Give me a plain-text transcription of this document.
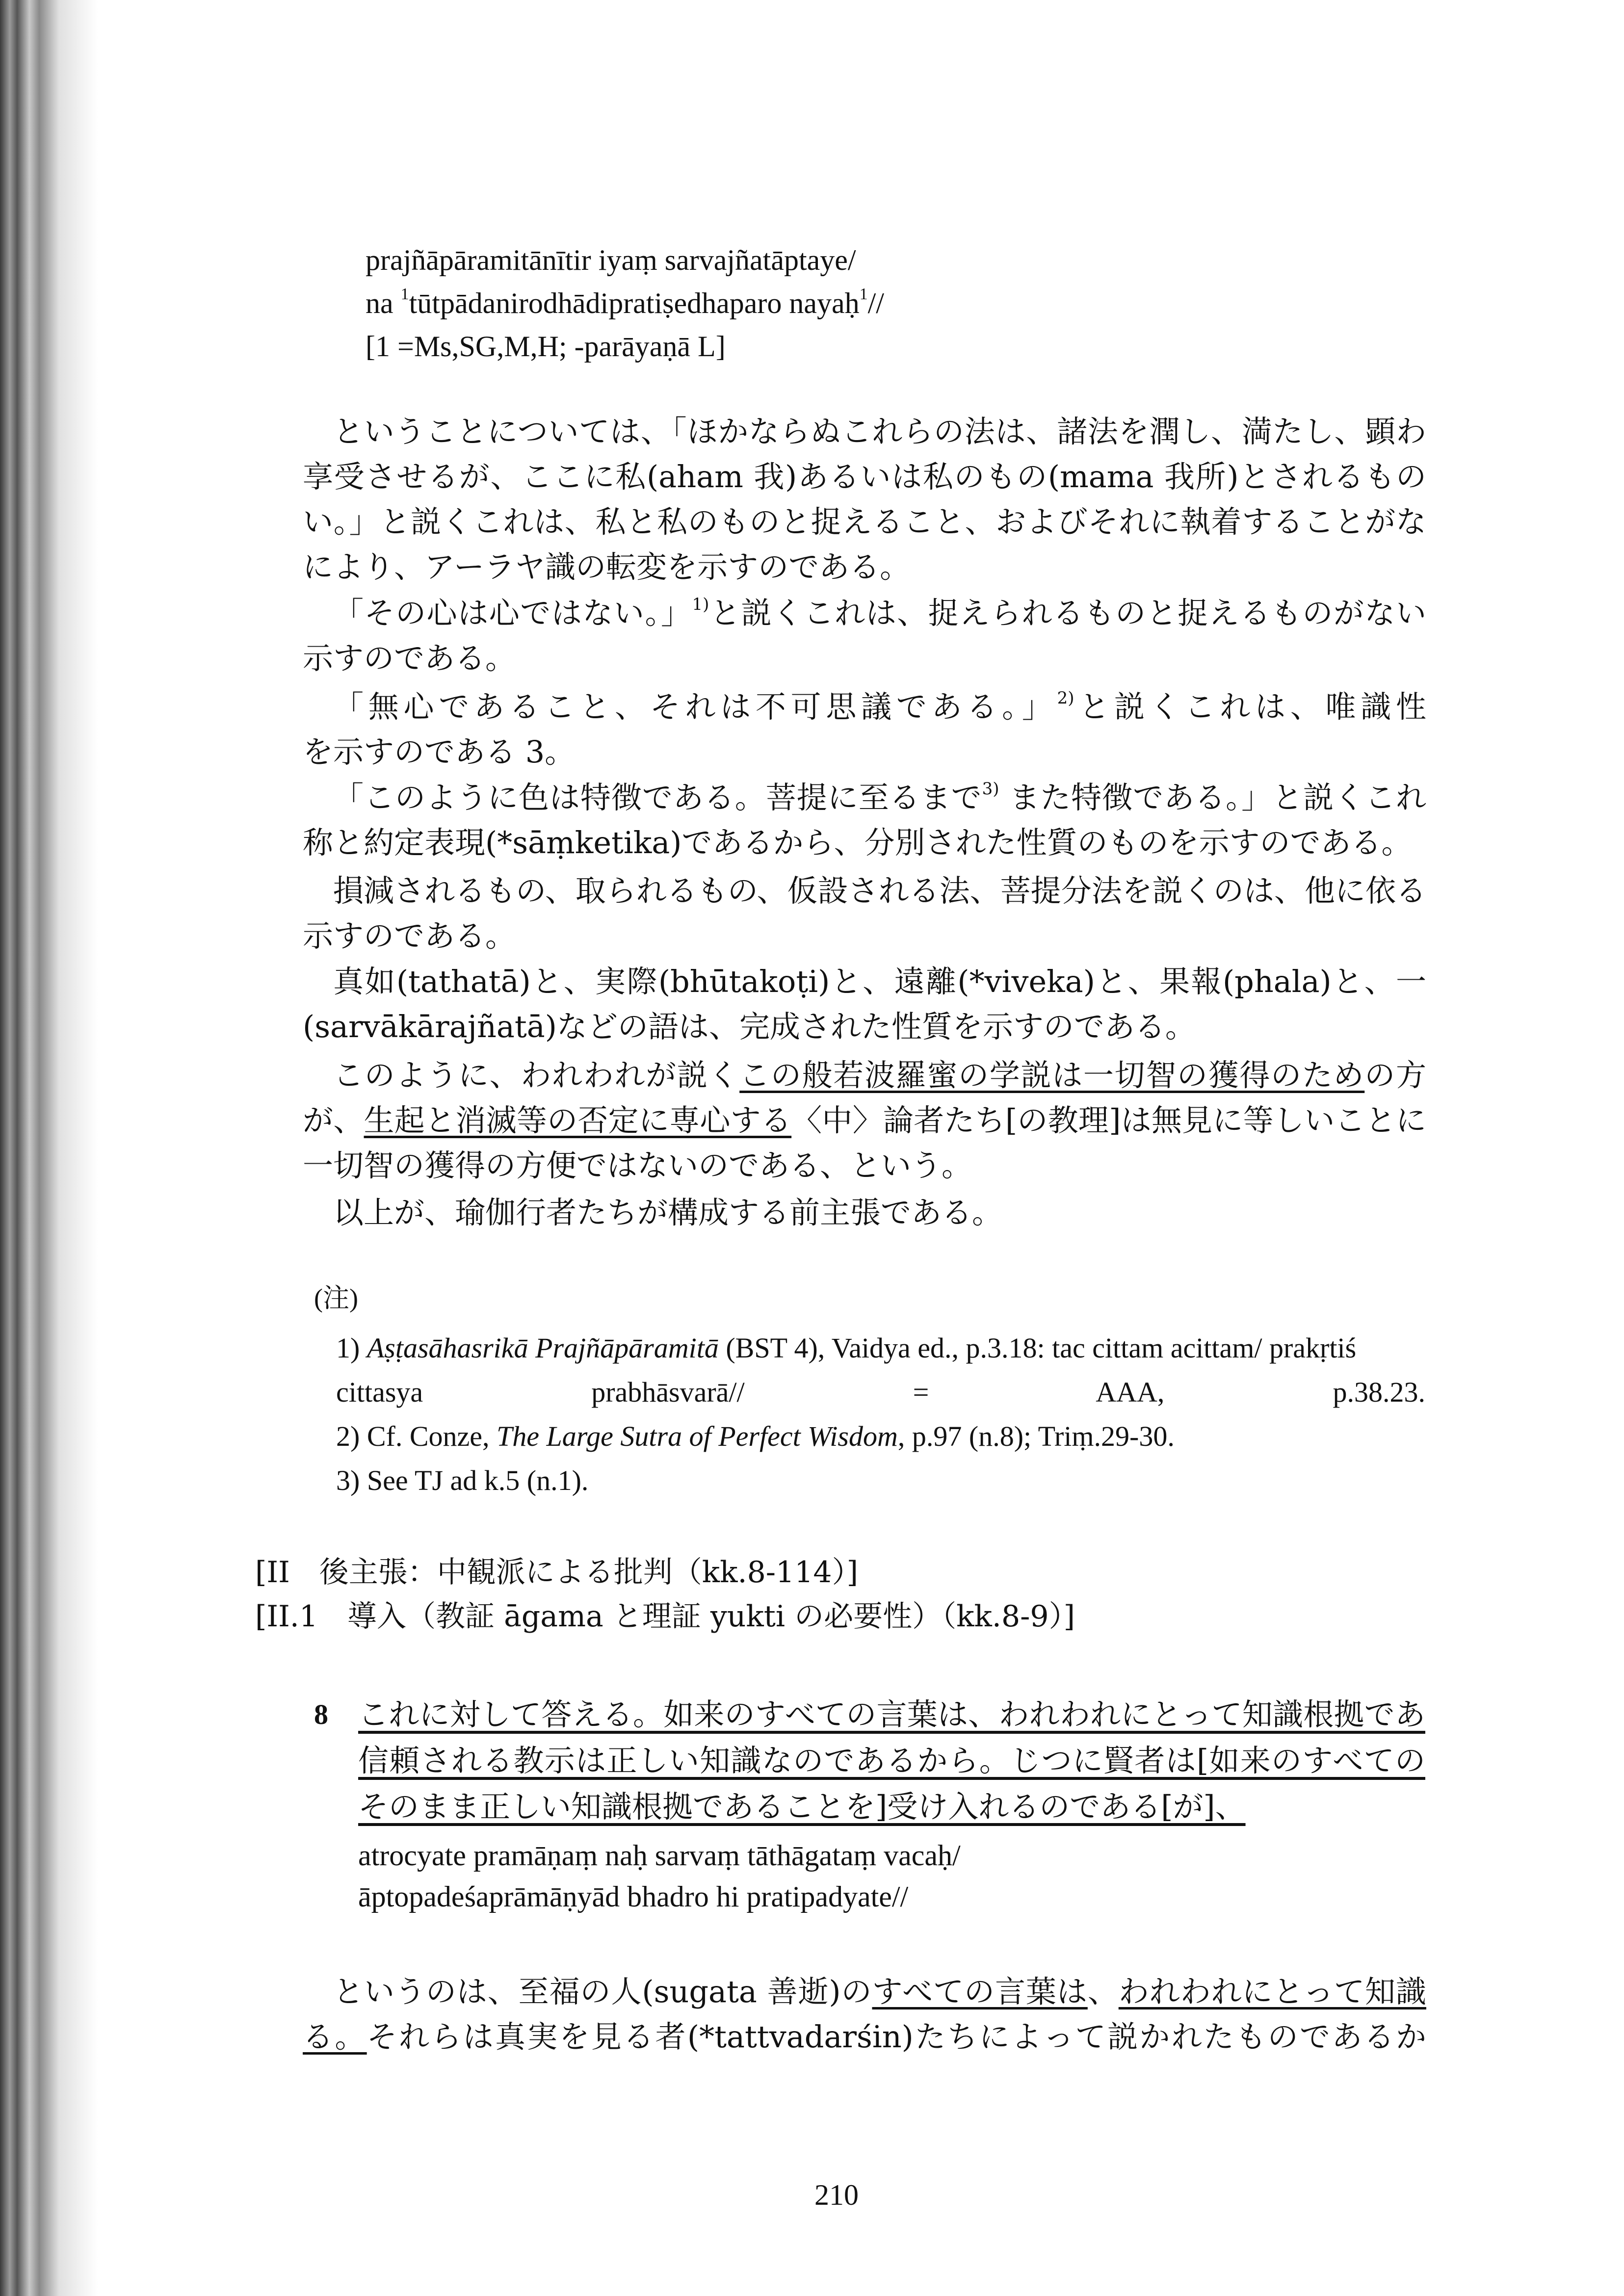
prajñāpāramitānītir iyaṃ sarvajñatāptaye/
na $^1$tūtpādanirodhādipratiṣedhaparo nayaḥ$^1$//
[1 =Ms,SG,M,H; -parāyaṇā L]
ということについては、「ほかならぬこれらの法は、諸法を潤し、満たし、顕わ
享受させるが、ここに私(aham 我)あるいは私のもの(mama 我所)とされるもの
い。」と説くこれは、私と私のものと捉えること、およびそれに執着することがな
により、アーラヤ識の転変を示すのである。
「その心は心ではない。」$^{1)}$と説くこれは、捉えられるものと捉えるものがない
示すのである。
「無心であること、それは不可思議である。」$^{2)}$と説くこれは、唯識性
を示すのである 3。
「このように色は特徴である。菩提に至るまで$^{3)}$ また特徴である。」と説くこれ
称と約定表現(*sāṃketika)であるから、分別された性質のものを示すのである。
損減されるもの、取られるもの、仮設される法、菩提分法を説くのは、他に依る
示すのである。
真如(tathatā)と、実際(bhūtakoṭi)と、遠離(*viveka)と、果報(phala)と、一
(sarvākārajñatā)などの語は、完成された性質を示すのである。
このように、われわれが説くこの般若波羅蜜の学説は一切智の獲得のための方
が、生起と消滅等の否定に専心する〈中〉論者たち[の教理]は無見に等しいことに
一切智の獲得の方便ではないのである、という。
以上が、瑜伽行者たちが構成する前主張である。
(注)
1) Aṣṭasāhasrikā Prajñāpāramitā (BST 4), Vaidya ed., p.3.18: tac cittam acittam/ prakṛtiś
cittasya prabhāsvarā// = AAA, p.38.23.
2) Cf. Conze, The Large Sutra of Perfect Wisdom, p.97 (n.8); Triṃ.29-30.
3) See TJ ad k.5 (n.1).
[II　後主張：中観派による批判（kk.8-114）]
[II.1　導入（教証 āgama と理証 yukti の必要性）（kk.8-9）]
8 これに対して答える。如来のすべての言葉は、われわれにとって知識根拠であ
信頼される教示は正しい知識なのであるから。じつに賢者は[如来のすべての
そのまま正しい知識根拠であることを]受け入れるのである[が]、
atrocyate pramāṇaṃ naḥ sarvaṃ tāthāgataṃ vacaḥ/
āptopadeśaprāmāṇyād bhadro hi pratipadyate//
というのは、至福の人(sugata 善逝)のすべての言葉は、われわれにとって知識
る。それらは真実を見る者(*tattvadarśin)たちによって説かれたものであるか
210
